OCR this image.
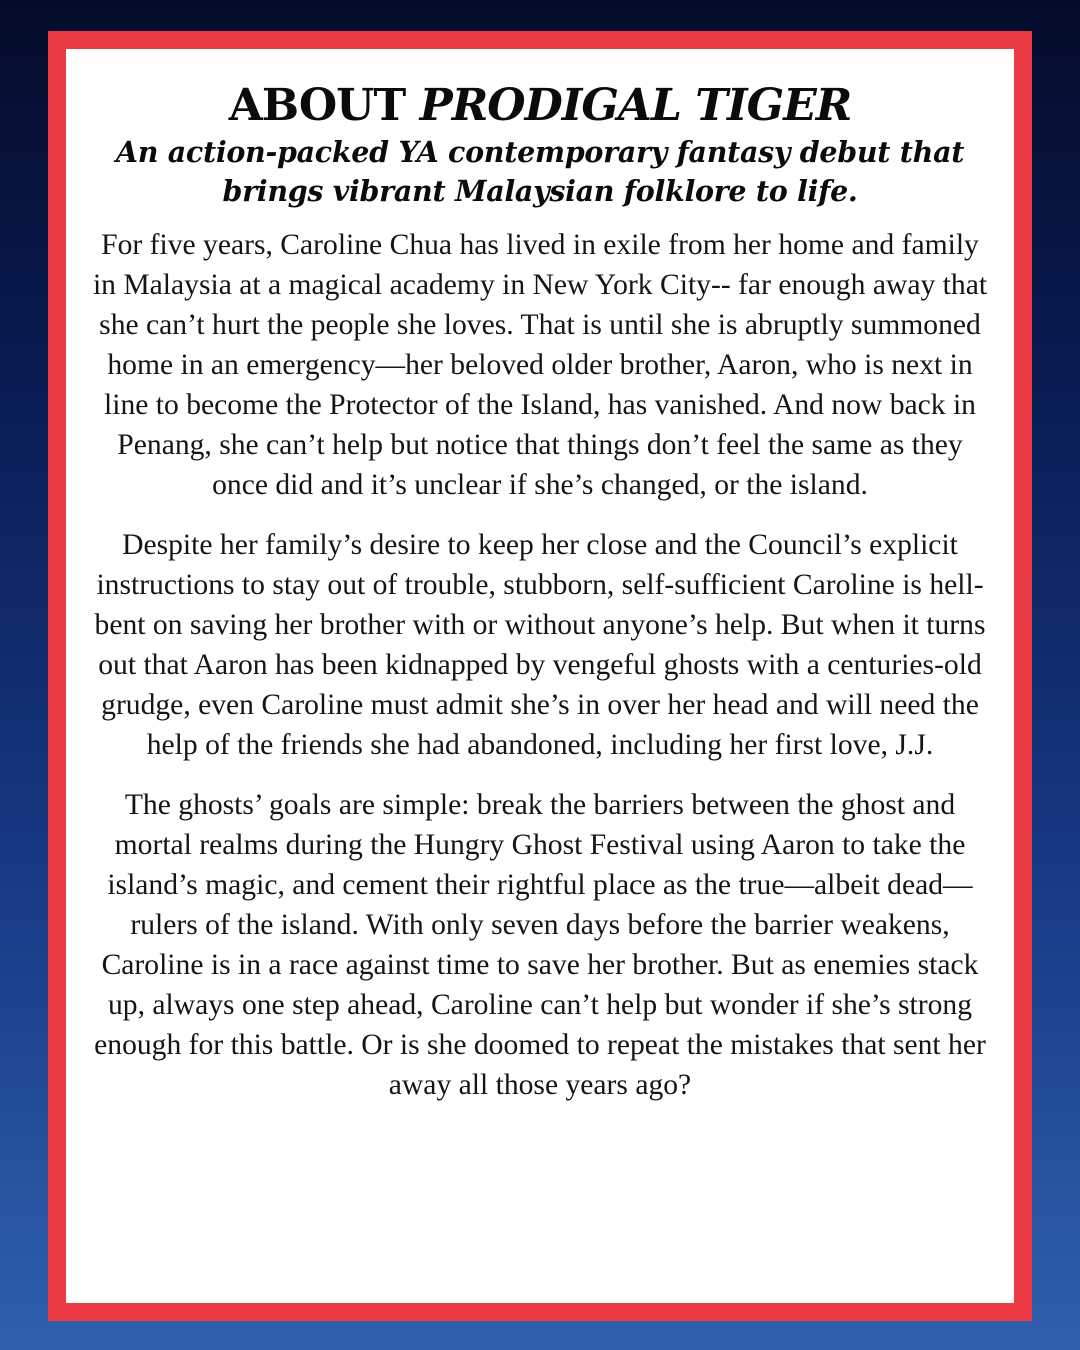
ABOUT PRODIGAL TIGER

An action-packed YA contemporary fantasy debut that brings vibrant Malaysian folklore to life.

For five years, Caroline Chua has lived in exile from her home and family in Malaysia at a magical academy in New York City-- far enough away that she can’t hurt the people she loves. That is until she is abruptly summoned home in an emergency—her beloved older brother, Aaron, who is next in line to become the Protector of the Island, has vanished. And now back in Penang, she can’t help but notice that things don’t feel the same as they once did and it’s unclear if she’s changed, or the island.

Despite her family’s desire to keep her close and the Council’s explicit instructions to stay out of trouble, stubborn, self-sufficient Caroline is hell-bent on saving her brother with or without anyone’s help. But when it turns out that Aaron has been kidnapped by vengeful ghosts with a centuries-old grudge, even Caroline must admit she’s in over her head and will need the help of the friends she had abandoned, including her first love, J.J.

The ghosts’ goals are simple: break the barriers between the ghost and mortal realms during the Hungry Ghost Festival using Aaron to take the island’s magic, and cement their rightful place as the true—albeit dead—rulers of the island. With only seven days before the barrier weakens, Caroline is in a race against time to save her brother. But as enemies stack up, always one step ahead, Caroline can’t help but wonder if she’s strong enough for this battle. Or is she doomed to repeat the mistakes that sent her away all those years ago?
